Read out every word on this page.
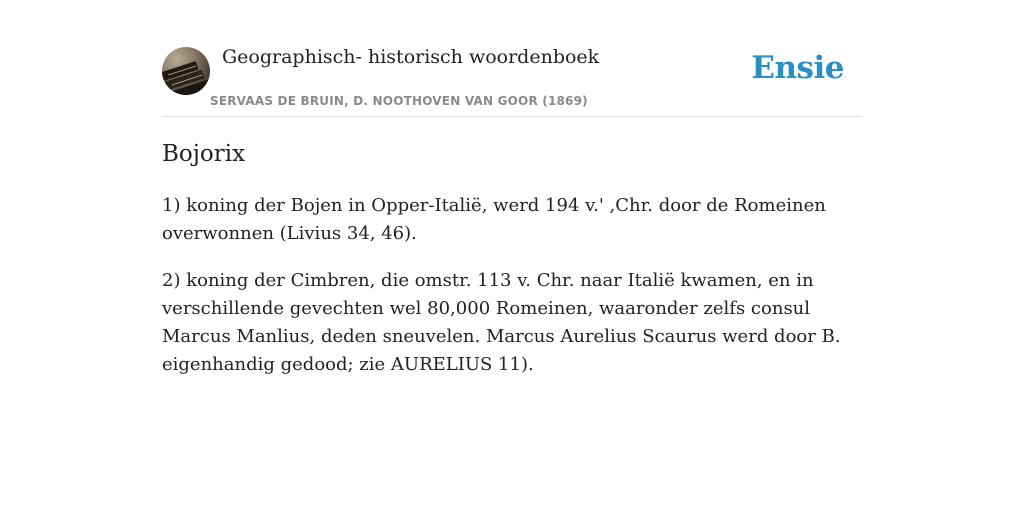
Geographisch- historisch woordenboek
SERVAAS DE BRUIN, D. NOOTHOVEN VAN GOOR (1869)
Ensie
Bojorix

1) koning der Bojen in Opper-Italië, werd 194 v.' ,Chr. door de Romeinen overwonnen (Livius 34, 46).

2) koning der Cimbren, die omstr. 113 v. Chr. naar Italië kwamen, en in verschillende gevechten wel 80,000 Romeinen, waaronder zelfs consul Marcus Manlius, deden sneuvelen. Marcus Aurelius Scaurus werd door B. eigenhandig gedood; zie AURELIUS 11).
